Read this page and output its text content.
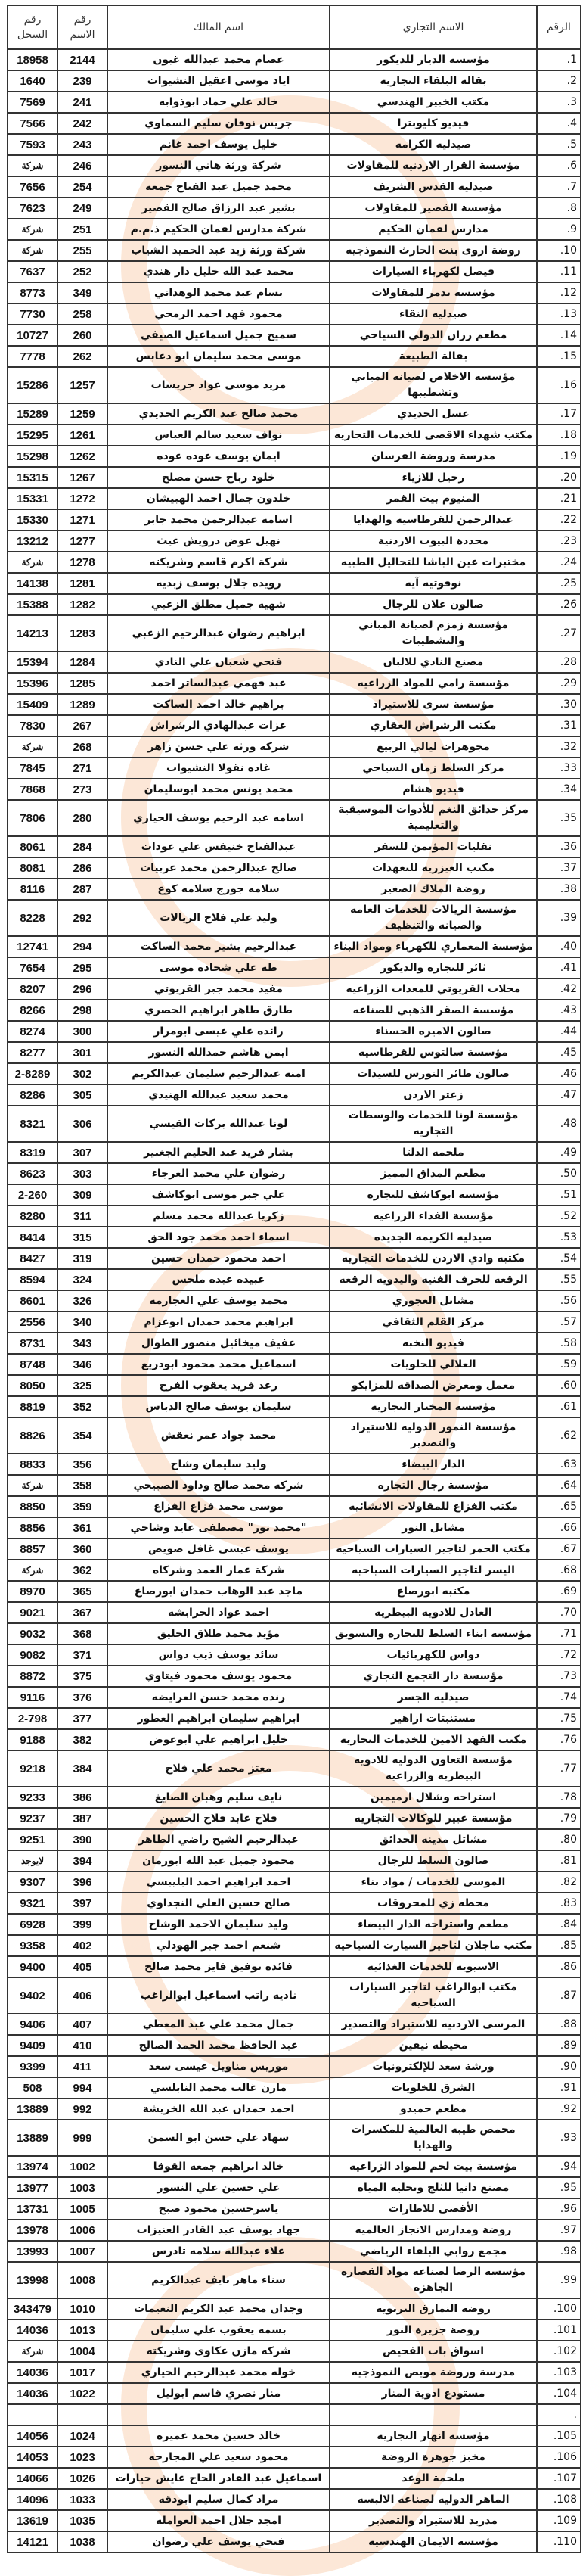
الرقم	الاسم التجاري	اسم المالك	رقم الاسم	رقم السجل
1.	مؤسسه الديار للديكور	عصام محمد عبدالله غبون	2144	18958
2.	بقاله البلقاء التجاريه	اياد موسى اعقيل النشيوات	239	1640
3.	مكتب الخبير الهندسي	خالد علي حماد ابوذوابه	241	7569
4.	فيديو كليوبترا	جريس نوفان سليم السماوي	242	7566
5.	صيدليه الكرامه	خليل يوسف احمد غانم	243	7593
6.	مؤسسة القرار الاردنيه للمقاولات	شركة ورثة هاني النسور	246	شركة
7.	صيدليه القدس الشريف	محمد جميل عبد الفتاح جمعه	254	7656
8.	مؤسسة القصير للمقاولات	بشير عبد الرزاق صالح القصير	249	7623
9.	مدارس لقمان الحكيم	شركة مدارس لقمان الحكيم ذ.م.م	251	شركة
10.	روضة اروى بنت الحارث النموذجيه	شركة ورثة زيد عبد الحميد الشياب	255	شركة
11.	فيصل لكهرباء السيارات	محمد عبد الله خليل دار هندي	252	7637
12.	مؤسسة تدمر للمقاولات	بسام عبد محمد الوهداني	349	8773
13.	صيدليه النقاء	محمود فهد احمد الرمحي	258	7730
14.	مطعم رزان الدولي السياحي	سميح جميل اسماعيل الصيفي	260	10727
15.	بقالة الطبيعة	موسى محمد سليمان ابو دعابس	262	7778
16.	مؤسسة الاخلاص لصيانة المباني وتشطيبها	مزيد موسى عواد جريسات	1257	15286
17.	عسل الحديدي	محمد صالح عبد الكريم الحديدي	1259	15289
18.	مكتب شهداء الاقصى للخدمات التجاريه	نواف سعيد سالم العباس	1261	15295
19.	مدرسة وروضة الفرسان	ايمان يوسف عوده عوده	1262	15298
20.	رحيل للازياء	خلود رباح حسن مصلح	1267	15315
21.	المنيوم بيت القمر	خلدون جمال احمد الهبيشان	1272	15331
22.	عبدالرحمن للقرطاسيه والهدايا	اسامه عبدالرحمن محمد جابر	1271	15330
23.	محددة البيوت الاردنية	نهيل عوض درويش غيث	1277	13212
24.	مختبرات عين الباشا للتحاليل الطبيه	شركة اكرم قاسم وشريكته	1278	شركة
25.	نوفوتيه آيه	رويده جلال يوسف زبديه	1281	14138
26.	صالون علان للرجال	شهيه جميل مطلق الزعبي	1282	15388
27.	مؤسسة زمزم لصيانة المباني والتشطيبات	ابراهيم رضوان عبدالرحيم الزعبي	1283	14213
28.	مصنع النادي للالبان	فتحي شعبان علي النادي	1284	15394
29.	مؤسسة رامي للمواد الزراعيه	عبد فهمي عبدالساتر احمد	1285	15396
30.	مؤسسة سرى للاستيراد	براهيم خالد احمد الساكت	1289	15409
31.	مكتب الرشراش العقاري	عزات عبدالهادي الرشراش	267	7830
32.	مجوهرات ليالي الربيع	شركة ورثة علي حسن زاهر	268	شركة
33.	مركز السلط زمان السياحي	غاده نقولا النشيوات	271	7845
34.	فيديو هشام	محمد يونس محمد ابوسليمان	273	7868
35.	مركز حدائق النغم للأدوات الموسيقية والتعليمية	اسامه عبد الرحيم يوسف الحياري	280	7806
36.	نقليات المؤتمن للسفر	عبدالفتاح خنيفس علي عودات	284	8061
37.	مكتب العيزريه للتعهدات	صالح عبدالرحمن محمد عربيات	286	8081
38.	روضة الملاك الصغير	سلامه جورج سلامه كوع	287	8116
39.	مؤسسة الريالات للخدمات العامه والصيانه والتنظيف	وليد علي فلاح الريالات	292	8228
40.	مؤسسة المعماري للكهرباء ومواد البناء	عبدالرحيم بشير محمد الساكت	294	12741
41.	ثائر للتجاره والديكور	طه علي شحاده موسى	295	7654
42.	محلات القريوتي للمعدات الزراعيه	مفيد محمد جبر القريوتي	296	8207
43.	مؤسسة الصقر الذهبي للصناعه	طارق طاهر ابراهيم الحصري	298	8266
44.	صالون الاميره الحسناء	رائده علي عيسى ابومرار	300	8274
45.	مؤسسة سالتوس للقرطاسيه	ايمن هاشم حمدالله النسور	301	8277
46.	صالون طائر النورس للسيدات	امنه عبدالرحيم سليمان عبدالكريم	302	2-8289
47.	زعتر الاردن	محمد سعيد عبدالله الهنيدي	305	8286
48.	مؤسسة لونا للخدمات والوسطات التجاريه	لونا عبدالله بركات القيسي	306	8321
49.	ملحمه الدلتا	بشار فريد عبد الحليم الجغبير	307	8319
50.	مطعم المذاق المميز	رضوان علي محمد العرجاء	303	8623
51.	مؤسسة ابوكاشف للتجاره	علي جبر موسى ابوكاشف	309	2-260
52.	مؤسسة الفداء الزراعيه	زكريا عبدالله محمد مسلم	311	8280
53.	صيدليه الكريمه الجديده	اسماء احمد محمد جود الحق	315	8414
54.	مكتبه وادي الاردن للخدمات التجاريه	احمد محمود حمدان حسين	319	8427
55.	الرقعه للحرف الفنيه واليدويه الرقعه	عبيده عبده ملحس	324	8594
56.	مشاتل العجوري	محمد يوسف علي العجارمه	326	8601
57.	مركز القلم الثقافي	ابراهيم محمد حمدان ابوعزام	340	2556
58.	فيديو النخبه	عفيف ميخائيل منصور الطوال	343	8731
59.	العلالي للحلويات	اسماعيل محمد محمود ابودريع	346	8748
60.	معمل ومعرض الصداقه للمزايكو	رعد فريد يعقوب الفرح	325	8050
61.	مؤسسة المختار التجاريه	سليمان يوسف صالح الدباس	352	8819
62.	مؤسسة النمور الدوليه للاستيراد والتصدير	محمد جواد عمر نعقش	354	8826
63.	الدار البيضاء	وليد سليمان وشاح	356	8833
64.	مؤسسة رجال التجاره	شركه محمد صالح وداود الصبيحي	358	شركة
65.	مكتب الفزاع للمقاولات الانشائيه	موسى محمد فزاع الفزاع	359	8850
66.	مشاتل النور	"محمد نور" مصطفى عايد وشاحي	361	8856
67.	مكتب الحمر لتاجير السيارات السياحيه	يوسف عيسى غافل صويص	360	8857
68.	اليسر لتاجير السيارات السياحيه	شركة عمار العمد وشركاه	362	شركة
69.	مكتبه ابورصاع	ماجد عبد الوهاب حمدان ابورصاع	365	8970
70.	العادل للادويه البيطريه	احمد عواد الحرابشه	367	9021
71.	مؤسسة ابناء السلط للتجاره والتسويق	مؤيد محمد طلاق الحليق	368	9032
72.	دواس للكهربائيات	سائد يوسف ذيب دواس	371	9082
73.	مؤسسة دار التجمع التجاري	محمود يوسف محمود فيتاوي	375	8872
74.	صيدليه الجسر	رنده محمد حسن العرايضه	376	9116
75.	مستنبتات ازاهير	ابراهيم سليمان ابراهيم العطور	377	2-798
76.	مكتب الفهد الامين للخدمات التجاريه	خليل ابراهيم علي ابوعوض	382	9188
77.	مؤسسة التعاون الدوليه للادويه البيطريه والزراعيه	معتز محمد علي فلاح	384	9218
78.	استراحه وشلال ارميمين	نايف سليم وهبان الصايغ	386	9233
79.	مؤسسة عبير للوكالات التجاريه	فلاح عابد فلاح الحسين	387	9237
80.	مشاتل مدينه الحدائق	عبدالرحيم الشيخ راضي الطاهر	390	9251
81.	صالون السلط للرجال	محمود جميل عبد الله ابورمان	394	لايوجد
82.	الموسى للخدمات / مواد بناء	احمد ابراهيم احمد البليبسي	396	9307
83.	محطه زي للمحروقات	صالح حسين العلي النجداوي	397	9321
84.	مطعم واستراحه الدار البيضاء	وليد سليمان الاحمد الوشاح	399	6928
85.	مكتب ماجلان لتاجير السيارت السياحيه	شنعم احمد جبر الهودلي	402	9358
86.	الاسيويه للخدمات الغذائيه	فائده توفيق فايز محمد صالح	405	9400
87.	مكتب ابوالراغب لتاجير السيارات السياحيه	ناديه راتب اسماعيل ابوالراغب	406	9402
88.	المرسى الاردنيه للاستيراد والتصدير	جمال محمد علي عبد المعطي	407	9406
89.	مخيطه نيفين	عبد الحافظ محمد الحمد الصالح	410	9409
90.	ورشة سعد للإلكترونيات	موريس مناويل عيسى سعد	411	9399
91.	الشرق للخلويات	مازن غالب محمد النابلسي	994	508
92.	مطعم حميدو	احمد حمدان عبد الله الخريشة	992	13889
93.	محمص طيبه العالمية للمكسرات والهدايا	سهاد علي حسن ابو السمن	999	13889
94.	مؤسسة بيت لحم للمواد الزراعيه	خالد ابراهيم جمعه القوقا	1002	13974
95.	مصنع دانيا للثلج وتحلية المياه	علي حسين علي النسور	1003	13977
96.	الأقصى للاطارات	ياسرحسين محمود صبح	1005	13731
97.	روضة ومدارس الانجاز العالميه	جهاد يوسف عبد القادر العنيزات	1006	13978
98.	مجمع روابي البلقاء الرياضي	علاء عبدالله سلامه تادرس	1007	13993
99.	مؤسسة الرضا لصناعة مواد القصارة الجاهزه	سناء ماهر نايف عبدالكريم	1008	13998
100.	روضة النمارق التربوية	وجدان محمد عبد الكريم النعيمات	1010	343479
101.	روضة جزيرة النور	بسمه يعقوب علي سليمان	1013	14036
102.	اسواق باب الفحيص	شركه مازن عكاوى وشريكته	1004	شركة
103.	مدرسة وروضة مويص النموذجيه	خوله محمد عبدالرحيم الحياري	1017	14036
104.	مستودع ادوية المنار	منار نصري قاسم ابوليل	1022	14036
.				
105.	مؤسسه انهار التجاريه	خالد حسين محمد عميره	1024	14056
106.	مخبز جوهرة الروضة	محمود سعيد علي المجارحه	1023	14053
107.	ملحمة الوعد	اسماعيل عبد القادر الحاج عايش حيارات	1026	14066
108.	الماهر الدوليه لصناعه الالبسه	مراد كمال سليم ابودقه	1033	14096
109.	مدريد للاستيراد والتصدير	امجد جلال احمد العوامله	1035	13619
110.	مؤسسة الايمان الهندسيه	فتحي يوسف علي رضوان	1038	14121
